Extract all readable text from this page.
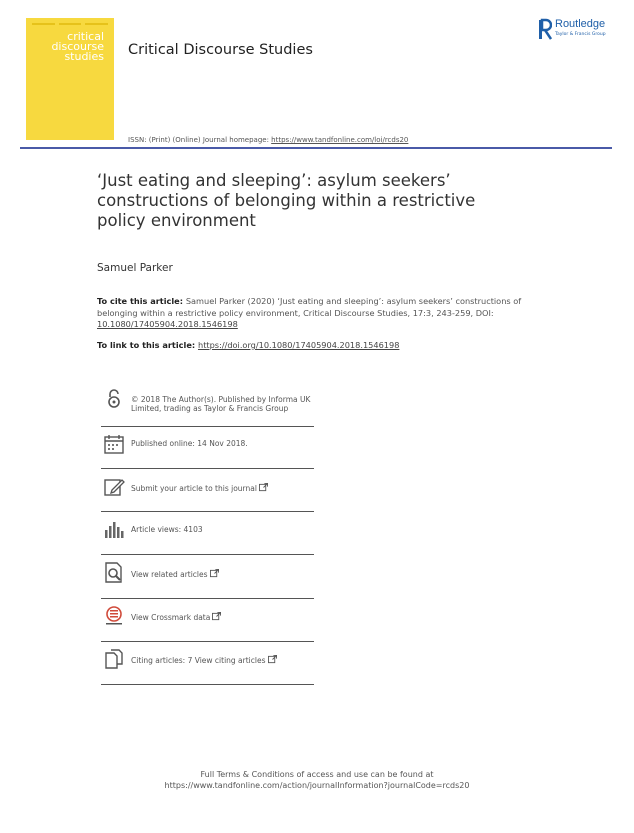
critical
discourse
studies Critical Discourse Studies
Routledge
Taylor & Francis Group
ISSN: (Print) (Online) Journal homepage: https://www.tandfonline.com/loi/rcds20
‘Just eating and sleeping’: asylum seekers’ constructions of belonging within a restrictive policy environment
Samuel Parker
To cite this article: Samuel Parker (2020) ‘Just eating and sleeping’: asylum seekers’ constructions of belonging within a restrictive policy environment, Critical Discourse Studies, 17:3, 243-259, DOI: 10.1080/17405904.2018.1546198
To link to this article: https://doi.org/10.1080/17405904.2018.1546198
© 2018 The Author(s). Published by Informa UK Limited, trading as Taylor & Francis Group
Published online: 14 Nov 2018.
Submit your article to this journal
Article views: 4103
View related articles
View Crossmark data
Citing articles: 7 View citing articles
Full Terms & Conditions of access and use can be found at
https://www.tandfonline.com/action/journalInformation?journalCode=rcds20
